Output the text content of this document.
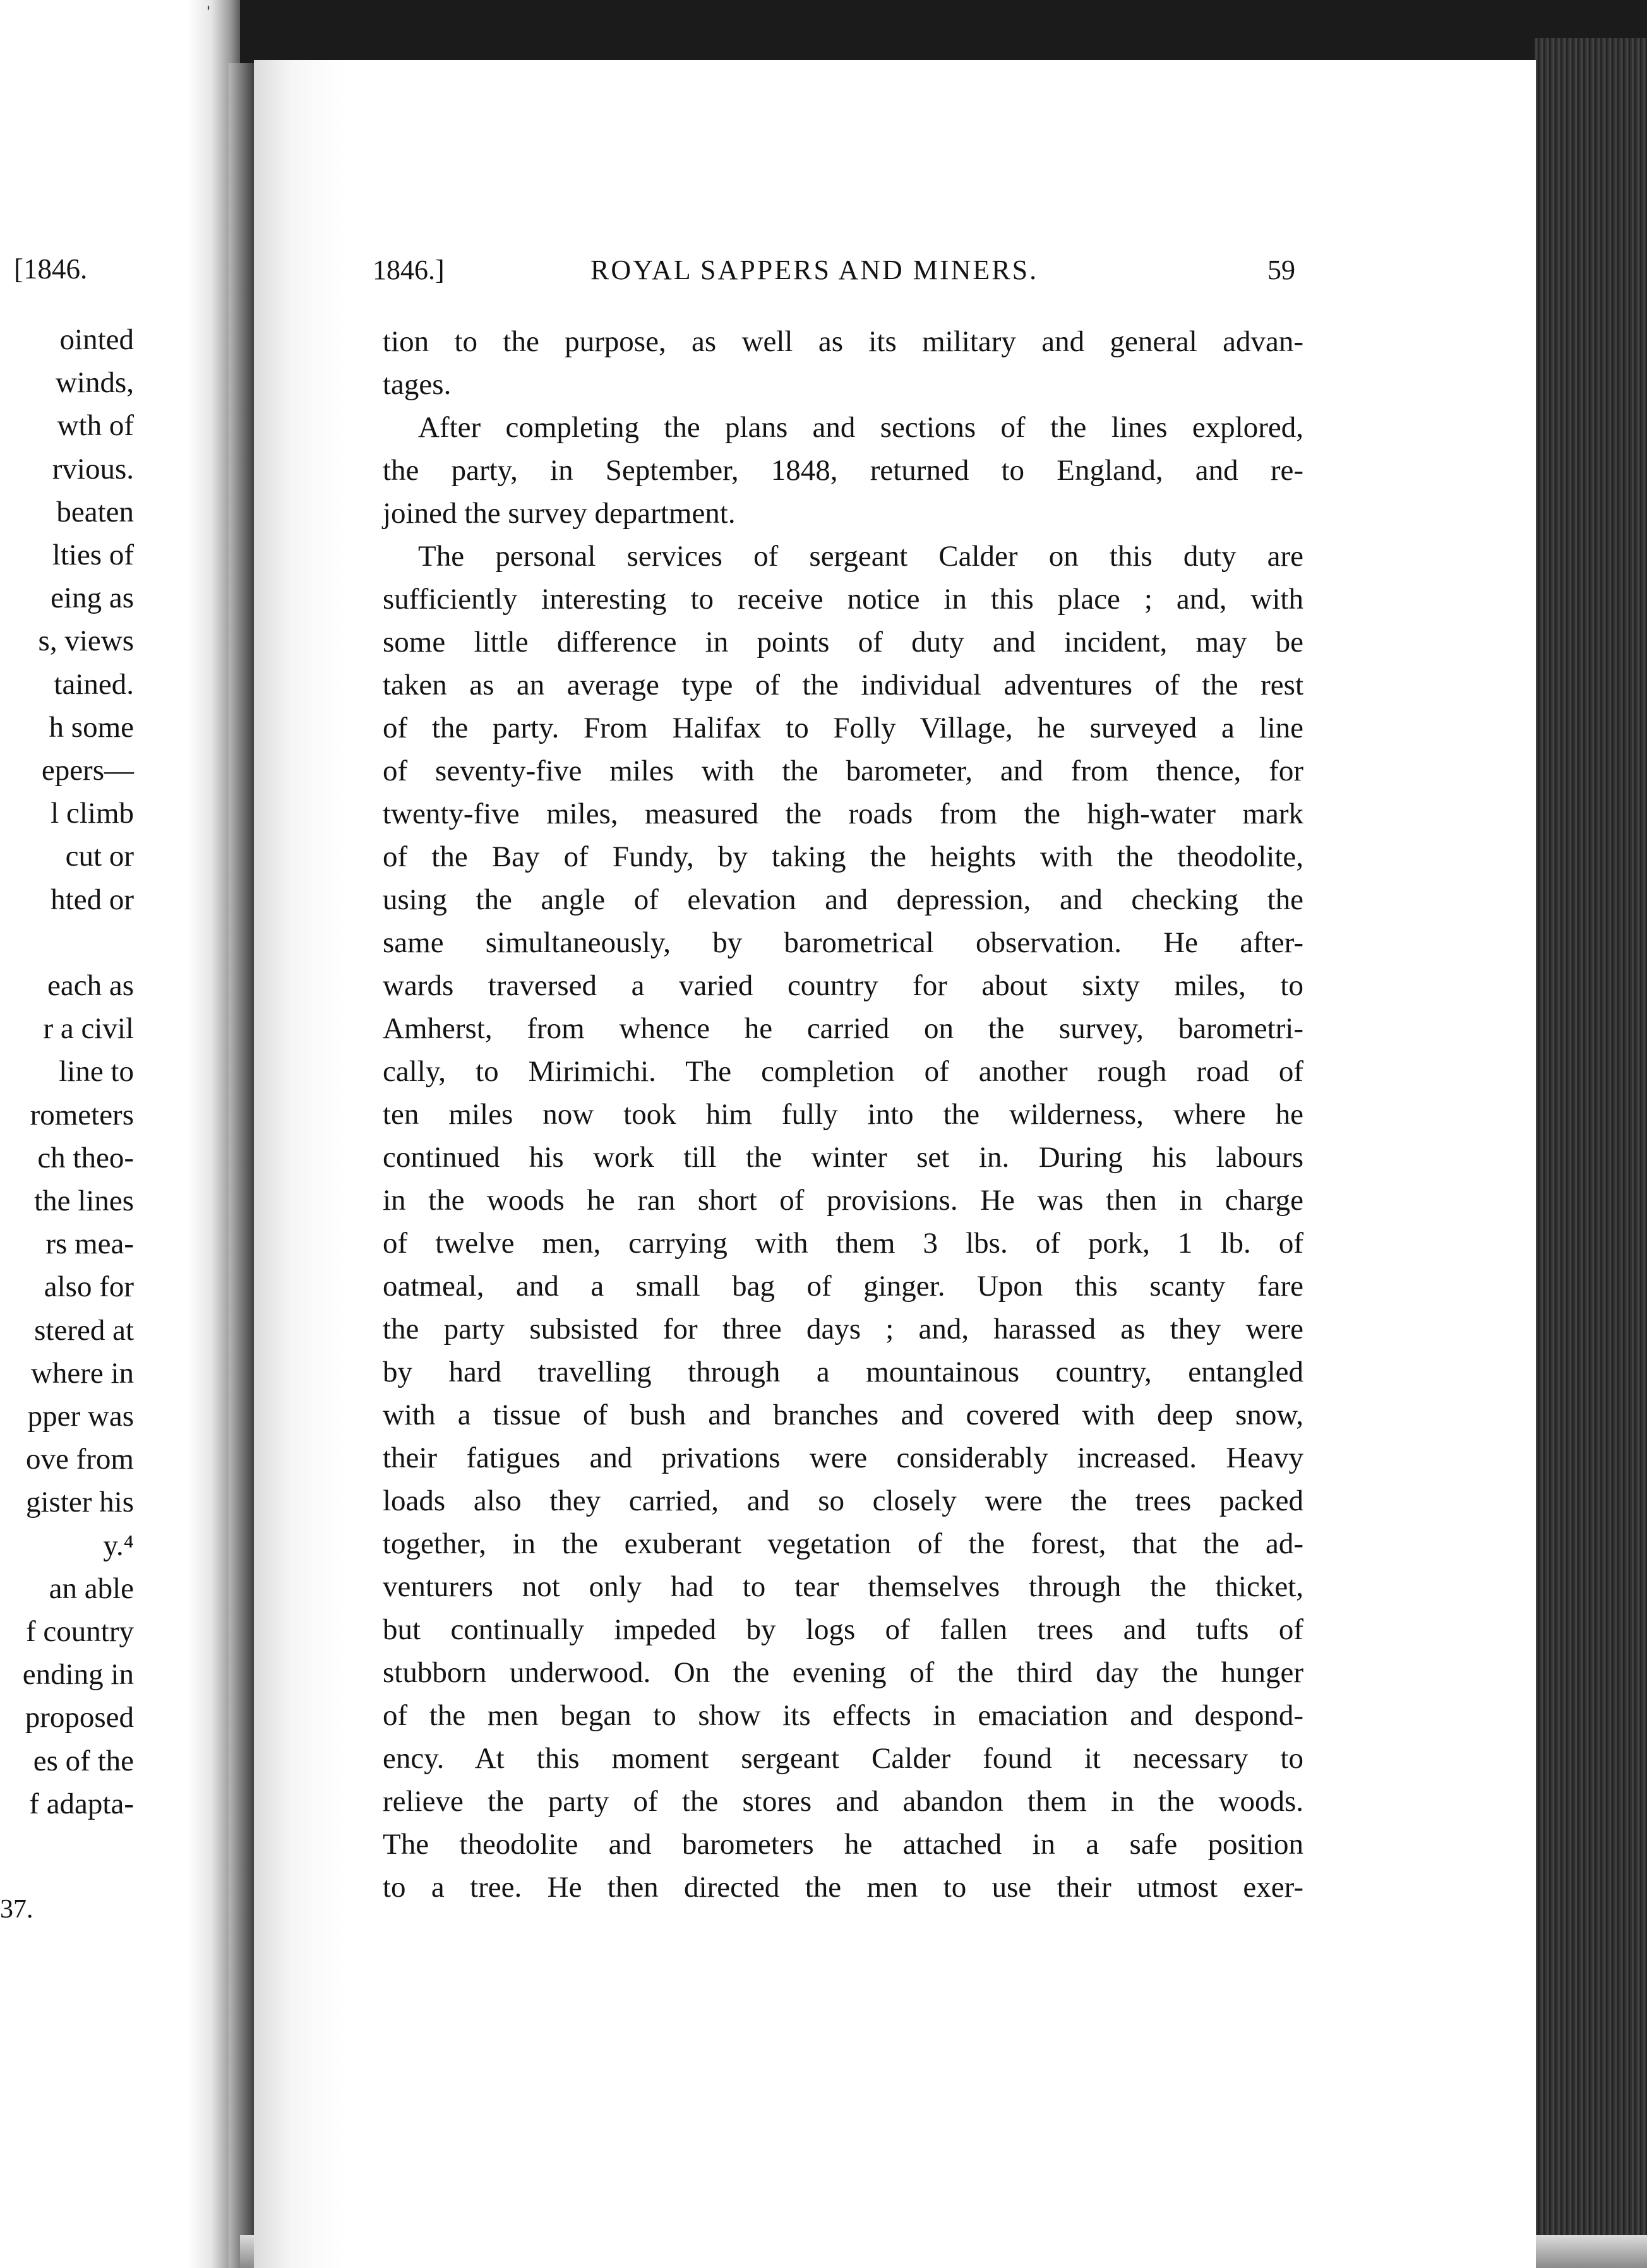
ˈ
[1846.
ointed
winds,
wth of
rvious.
beaten
lties of
eing as
s, views
tained.
h some
epers—
l climb
cut or
hted or
each as
r a civil
line to
rometers
ch theo-
the lines
rs mea-
also for
stered at
where in
pper was
ove from
gister his
y.⁴
an able
f country
ending in
proposed
es of the
f adapta-
37.
1846.]	ROYAL SAPPERS AND MINERS.	59
tion to the purpose, as well as its military and general advan-
tages.
After completing the plans and sections of the lines explored,
the party, in September, 1848, returned to England, and re-
joined the survey department.
The personal services of sergeant Calder on this duty are
sufficiently interesting to receive notice in this place ; and, with
some little difference in points of duty and incident, may be
taken as an average type of the individual adventures of the rest
of the party. From Halifax to Folly Village, he surveyed a line
of seventy-five miles with the barometer, and from thence, for
twenty-five miles, measured the roads from the high-water mark
of the Bay of Fundy, by taking the heights with the theodolite,
using the angle of elevation and depression, and checking the
same simultaneously, by barometrical observation. He after-
wards traversed a varied country for about sixty miles, to
Amherst, from whence he carried on the survey, barometri-
cally, to Mirimichi. The completion of another rough road of
ten miles now took him fully into the wilderness, where he
continued his work till the winter set in. During his labours
in the woods he ran short of provisions. He was then in charge
of twelve men, carrying with them 3 lbs. of pork, 1 lb. of
oatmeal, and a small bag of ginger. Upon this scanty fare
the party subsisted for three days ; and, harassed as they were
by hard travelling through a mountainous country, entangled
with a tissue of bush and branches and covered with deep snow,
their fatigues and privations were considerably increased. Heavy
loads also they carried, and so closely were the trees packed
together, in the exuberant vegetation of the forest, that the ad-
venturers not only had to tear themselves through the thicket,
but continually impeded by logs of fallen trees and tufts of
stubborn underwood. On the evening of the third day the hunger
of the men began to show its effects in emaciation and despond-
ency. At this moment sergeant Calder found it necessary to
relieve the party of the stores and abandon them in the woods.
The theodolite and barometers he attached in a safe position
to a tree. He then directed the men to use their utmost exer-
